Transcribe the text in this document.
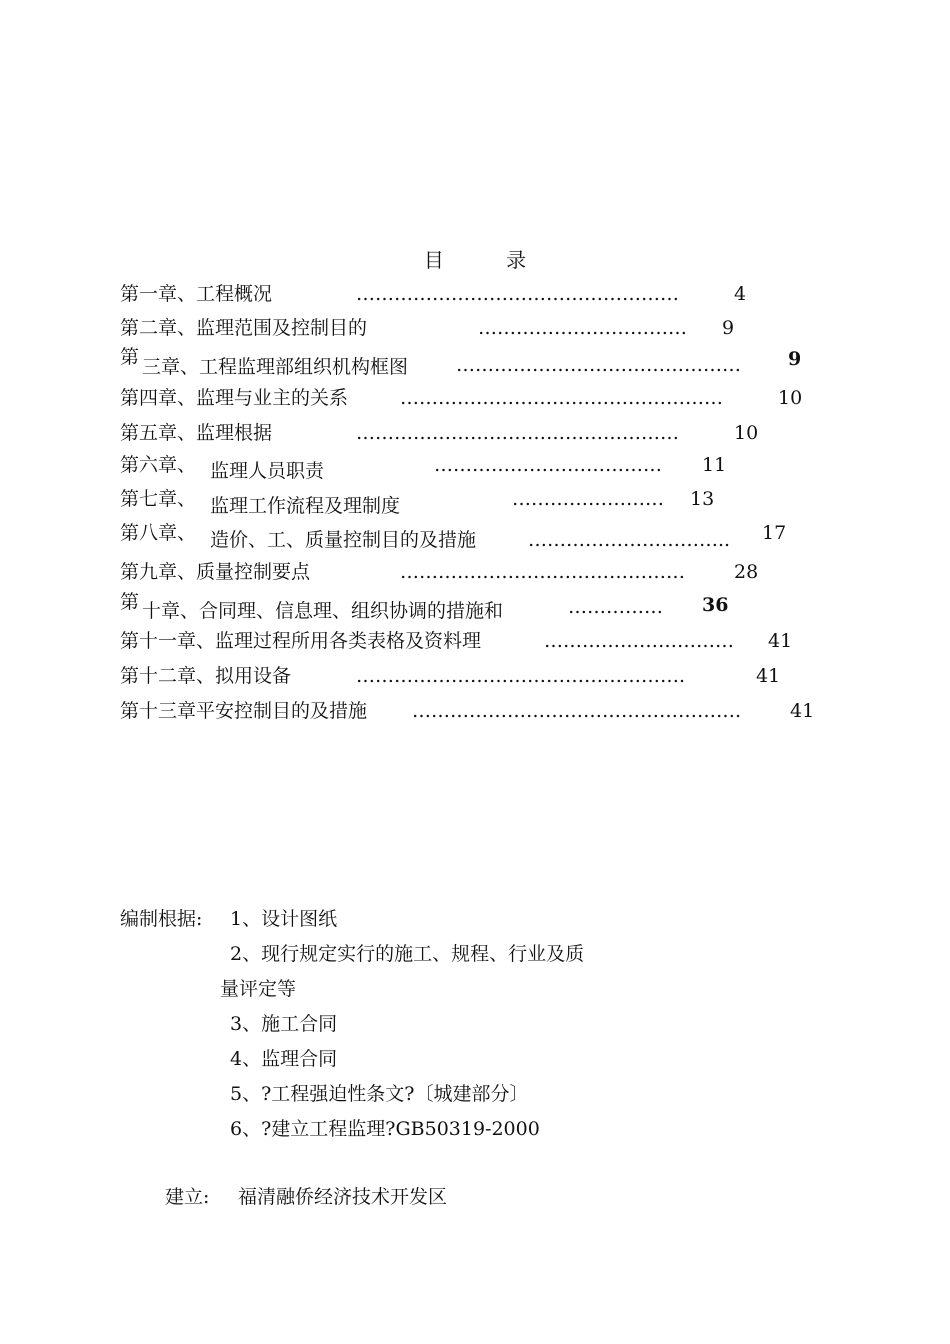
目 录
第一章、工程概况	……………………………………………	4
第二章、监理范围及控制目的	…………………………… 9
第 三章、工程监理部组织机构框图	……………………………………… 9
第四章、监理与业主的关系	……………………………………………	10
第五章、监理根据	……………………………………………	10
第六章、 监理人员职责	……………………………… 11
第七章、 监理工作流程及理制度	…………………… 13
第八章、 造价、工、质量控制目的及措施	………………………….. 17
第九章、质量控制要点	………………………………………	28
第 十章、合同理、信息理、组织协调的措施和	…………… 36
第十一章、监理过程所用各类表格及资料理	………………………… 41
第十二章、拟用设备	…………………………………………….	41
第十三章平安控制目的及措施 …………………………………………….	41
编制根据: 1、设计图纸
2、现行规定实行的施工、规程、行业及质
量评定等
3、施工合同
4、监理合同
5、?工程强迫性条文?〔城建部分〕
6、?建立工程监理?GB50319-2000
建立: 福清融侨经济技术开发区
